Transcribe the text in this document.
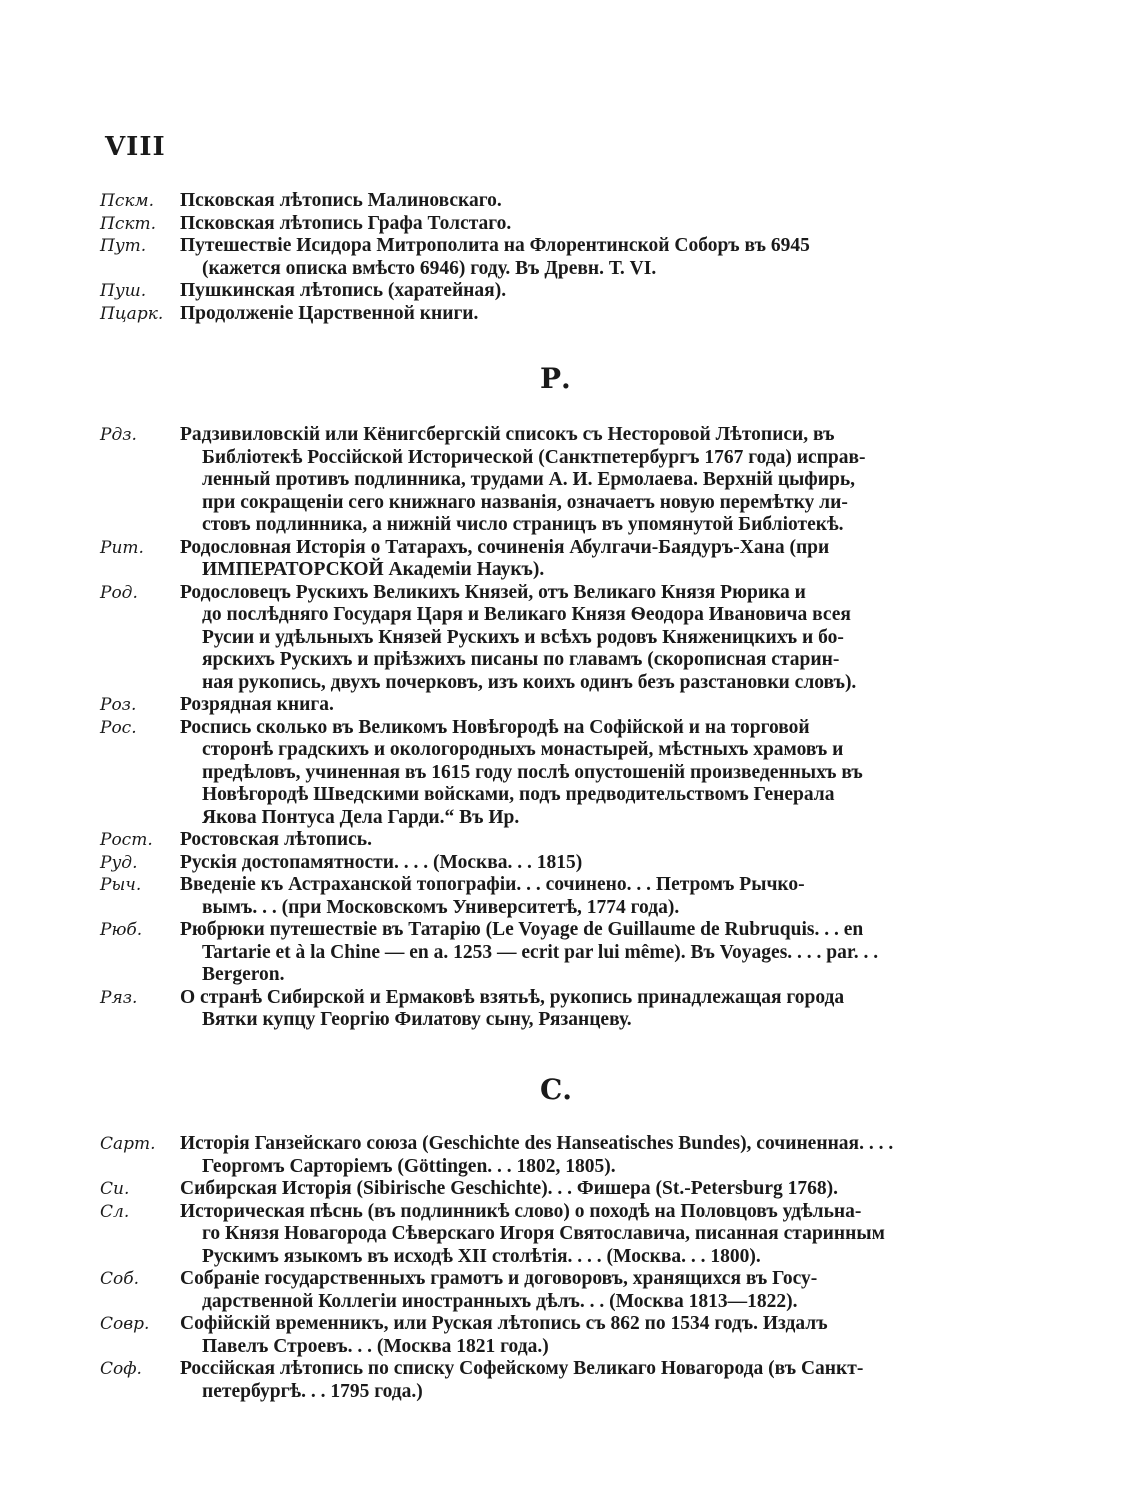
VIII
Пскм.	Псковская лѣтопись Малиновскаго.
Пскт.	Псковская лѣтопись Графа Толстаго.
Пут.	Путешествіе Исидора Митрополита на Флорентинской Соборъ въ 6945
(кажется описка вмѣсто 6946) году. Въ Древн. Т. VI.
Пуш.	Пушкинская лѣтопись (харатейная).
Пцарк. Продолженіе Царственной книги.
Р.
Рдз.	Радзивиловскій или Кёнигсбергскій списокъ съ Несторовой Лѣтописи, въ
Библіотекѣ Россійской Исторической (Санктпетербургъ 1767 года) исправ-
ленный противъ подлинника, трудами А. И. Ермолаева. Верхній цыфирь,
при сокращеніи сего книжнаго названія, означаетъ новую перемѣтку ли-
стовъ подлинника, а нижній число страницъ въ упомянутой Библіотекѣ.
Рит.	Родословная Исторія о Татарахъ, сочиненія Абулгачи-Баядуръ-Хана (при
ИМПЕРАТОРСКОЙ Академіи Наукъ).
Род.	Родословецъ Рускихъ Великихъ Князей, отъ Великаго Князя Рюрика и
до послѣдняго Государя Царя и Великаго Князя Ѳеодора Ивановича всея
Русии и удѣльныхъ Князей Рускихъ и всѣхъ родовъ Княженицкихъ и бо-
ярскихъ Рускихъ и пріѣзжихъ писаны по главамъ (скорописная старин-
ная рукопись, двухъ почерковъ, изъ коихъ одинъ безъ разстановки словъ).
Роз.	Розрядная книга.
Рос.	Роспись сколько въ Великомъ Новѣгородѣ на Софійской и на торговой
сторонѣ градскихъ и окологородныхъ монастырей, мѣстныхъ храмовъ и
предѣловъ, учиненная въ 1615 году послѣ опустошеній произведенныхъ въ
Новѣгородѣ Шведскими войсками, подъ предводительствомъ Генерала
Якова Понтуса Дела Гарди.“ Въ Ир.
Рост.	Ростовская лѣтопись.
Руд.	Рускія достопамятности. . . . (Москва. . . 1815)
Рыч.	Введеніе къ Астраханской топографіи. . . сочинено. . . Петромъ Рычко-
вымъ. . . (при Московскомъ Университетѣ, 1774 года).
Рюб.	Рюбрюки путешествіе въ Татарію (Le Voyage de Guillaume de Rubruquis. . . en
Tartarie et à la Chine — en a. 1253 — ecrit par lui même). Въ Voyages. . . . par. . .
Bergeron.
Ряз.	О странѣ Сибирской и Ермаковѣ взятьѣ, рукопись принадлежащая города
Вятки купцу Георгію Филатову сыну, Рязанцеву.
С.
Сарт.	Исторія Ганзейскаго союза (Geschichte des Hanseatisches Bundes), сочиненная. . . .
Георгомъ Сарторіемъ (Göttingen. . . 1802, 1805).
Си.	Сибирская Исторія (Sibirische Geschichte). . . Фишера (St.-Petersburg 1768).
Сл.	Историческая пѣснь (въ подлинникѣ слово) о походѣ на Половцовъ удѣльна-
го Князя Новагорода Сѣверскаго Игоря Святославича, писанная старинным
Рускимъ языкомъ въ исходѣ XII столѣтія. . . . (Москва. . . 1800).
Соб.	Собраніе государственныхъ грамотъ и договоровъ, хранящихся въ Госу-
дарственной Коллегіи иностранныхъ дѣлъ. . . (Москва 1813—1822).
Совр.	Софійскій временникъ, или Руская лѣтопись съ 862 по 1534 годъ. Издалъ
Павелъ Строевъ. . . (Москва 1821 года.)
Соф.	Россійская лѣтопись по списку Софейскому Великаго Новагорода (въ Санкт-
петербургѣ. . . 1795 года.)
